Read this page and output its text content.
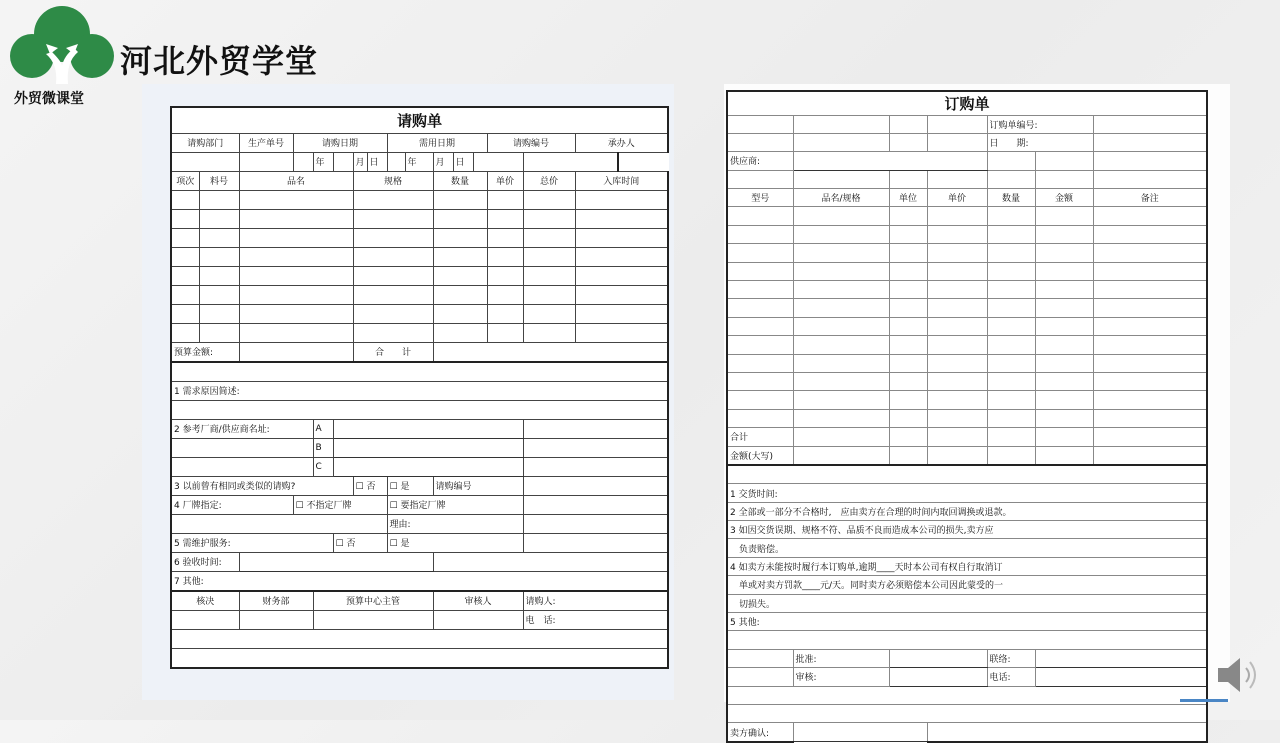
外贸微课堂
河北外贸学堂
请购单															
请购部门		生产单号	请购日期					需用日期					请购编号		承办人
				年		月	日		年	月	日				
项次	料号	品名				规格				数量			单价	总价	入库时间

预算金额:						合　　计									

1 需求原因简述:															

2 参考厂商/供应商名址:				A											
				B											
				C											
3 以前曾有相同或类似的请购?						☐ 否		☐ 是		请购编号					
4 厂牌指定:			☐ 不指定厂牌					☐ 要指定厂牌							
								理由:							
5 需维护服务:					☐ 否			☐ 是							
6 验收时间:															
7 其他:															
核决		财务部		预算中心主管						审核人				请购人:	
														电　话:	

订购单						
				订购单编号:		
				日　　期:		
供应商:						

型号	品名/规格	单位	单价	数量	金额	备注

合计						
金额(大写)						

1 交货时间:						
2 全部或一部分不合格时,　应由卖方在合理的时间内取回调换或退款。						
3 如因交货误期、规格不符、品质不良而造成本公司的损失,卖方应						
　负责赔偿。						
4 如卖方未能按时履行本订购单,逾期____天时本公司有权自行取消订						
　单或对卖方罚款____元/天。同时卖方必须赔偿本公司因此蒙受的一						
　切损失。						
5 其他:						

	批准:			联络:		
	审核:			电话:		

卖方确认:						
